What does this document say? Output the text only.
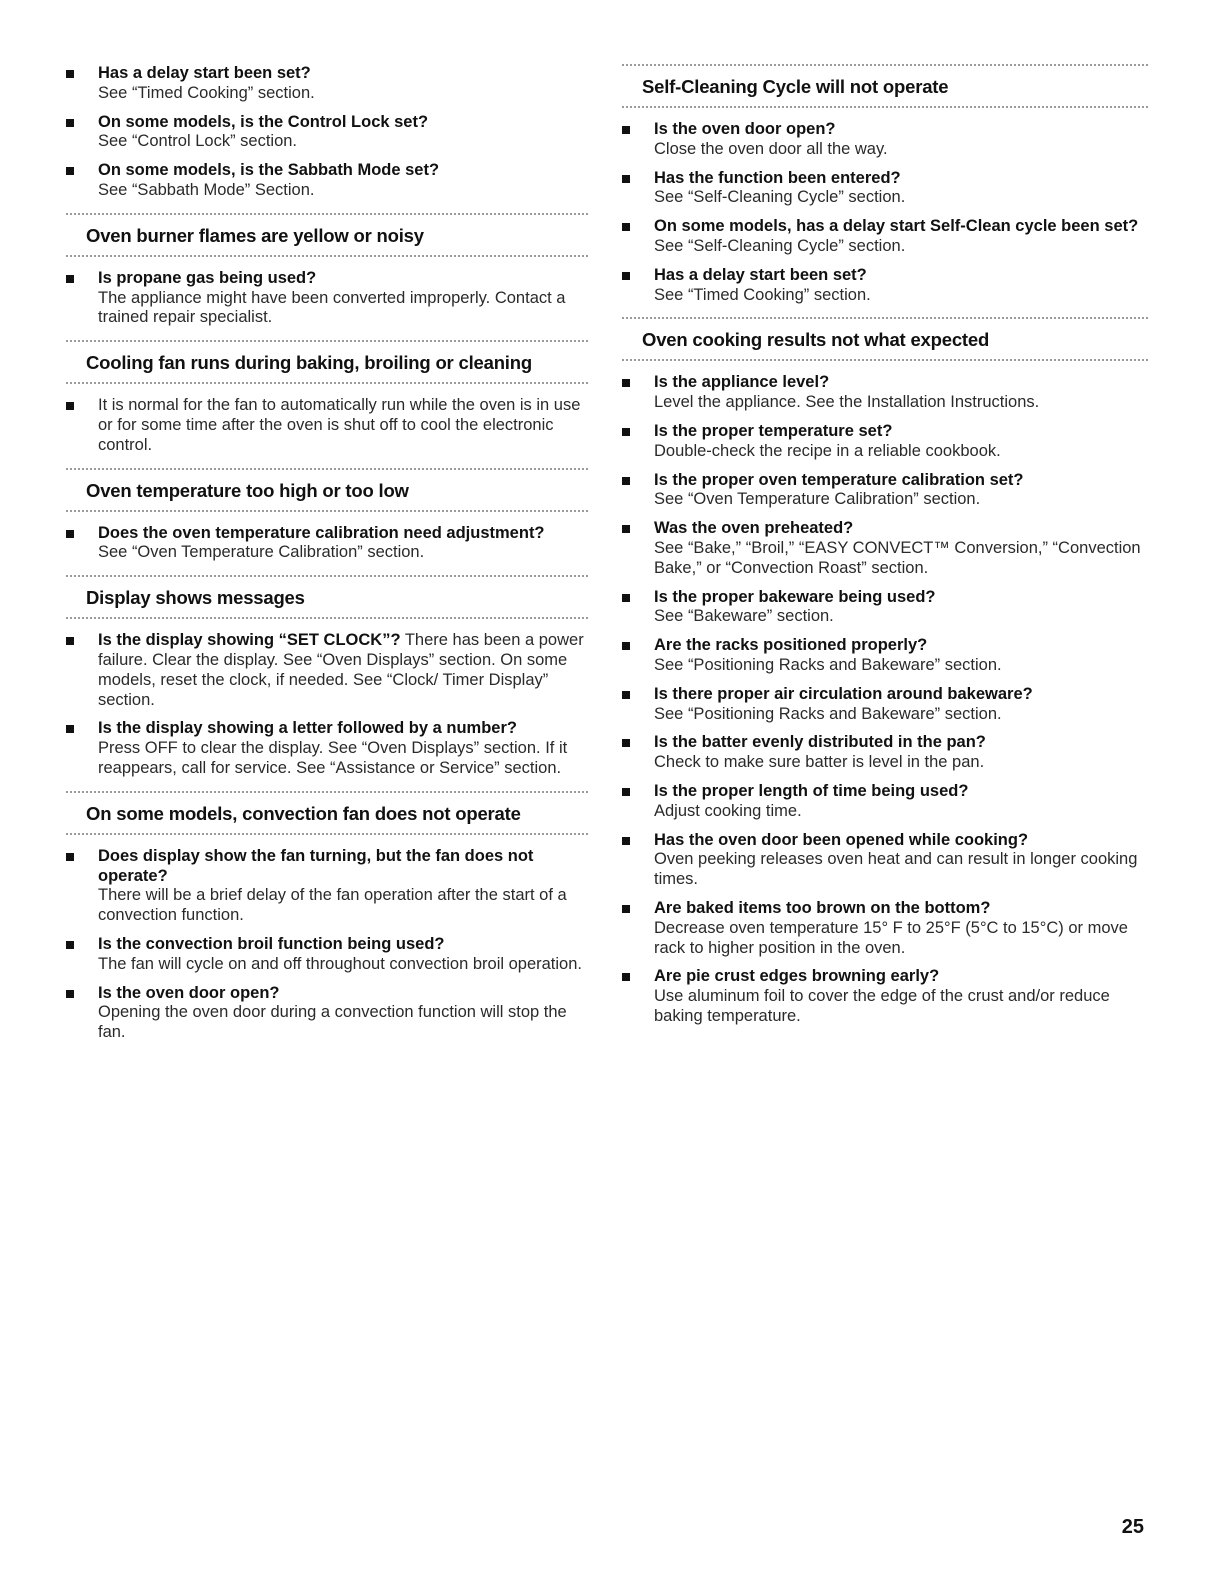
Has a delay start been set?
See “Timed Cooking” section.
On some models, is the Control Lock set?
See “Control Lock” section.
On some models, is the Sabbath Mode set?
See “Sabbath Mode” Section.
Oven burner flames are yellow or noisy
Is propane gas being used?
The appliance might have been converted improperly. Contact a trained repair specialist.
Cooling fan runs during baking, broiling or cleaning
It is normal for the fan to automatically run while the oven is in use or for some time after the oven is shut off to cool the electronic control.
Oven temperature too high or too low
Does the oven temperature calibration need adjustment?
See “Oven Temperature Calibration” section.
Display shows messages
Is the display showing “SET CLOCK”? There has been a power failure. Clear the display. See “Oven Displays” section. On some models, reset the clock, if needed. See “Clock/ Timer Display” section.
Is the display showing a letter followed by a number?
Press OFF to clear the display. See “Oven Displays” section. If it reappears, call for service. See “Assistance or Service” section.
On some models, convection fan does not operate
Does display show the fan turning, but the fan does not operate?
There will be a brief delay of the fan operation after the start of a convection function.
Is the convection broil function being used?
The fan will cycle on and off throughout convection broil operation.
Is the oven door open?
Opening the oven door during a convection function will stop the fan.
Self-Cleaning Cycle will not operate
Is the oven door open?
Close the oven door all the way.
Has the function been entered?
See “Self-Cleaning Cycle” section.
On some models, has a delay start Self-Clean cycle been set?
See “Self-Cleaning Cycle” section.
Has a delay start been set?
See “Timed Cooking” section.
Oven cooking results not what expected
Is the appliance level?
Level the appliance. See the Installation Instructions.
Is the proper temperature set?
Double-check the recipe in a reliable cookbook.
Is the proper oven temperature calibration set?
See “Oven Temperature Calibration” section.
Was the oven preheated?
See “Bake,” “Broil,” “EASY CONVECT™ Conversion,” “Convection Bake,” or “Convection Roast” section.
Is the proper bakeware being used?
See “Bakeware” section.
Are the racks positioned properly?
See “Positioning Racks and Bakeware” section.
Is there proper air circulation around bakeware?
See “Positioning Racks and Bakeware” section.
Is the batter evenly distributed in the pan?
Check to make sure batter is level in the pan.
Is the proper length of time being used?
Adjust cooking time.
Has the oven door been opened while cooking?
Oven peeking releases oven heat and can result in longer cooking times.
Are baked items too brown on the bottom?
Decrease oven temperature 15° F to 25°F (5°C to 15°C) or move rack to higher position in the oven.
Are pie crust edges browning early?
Use aluminum foil to cover the edge of the crust and/or reduce baking temperature.
25
